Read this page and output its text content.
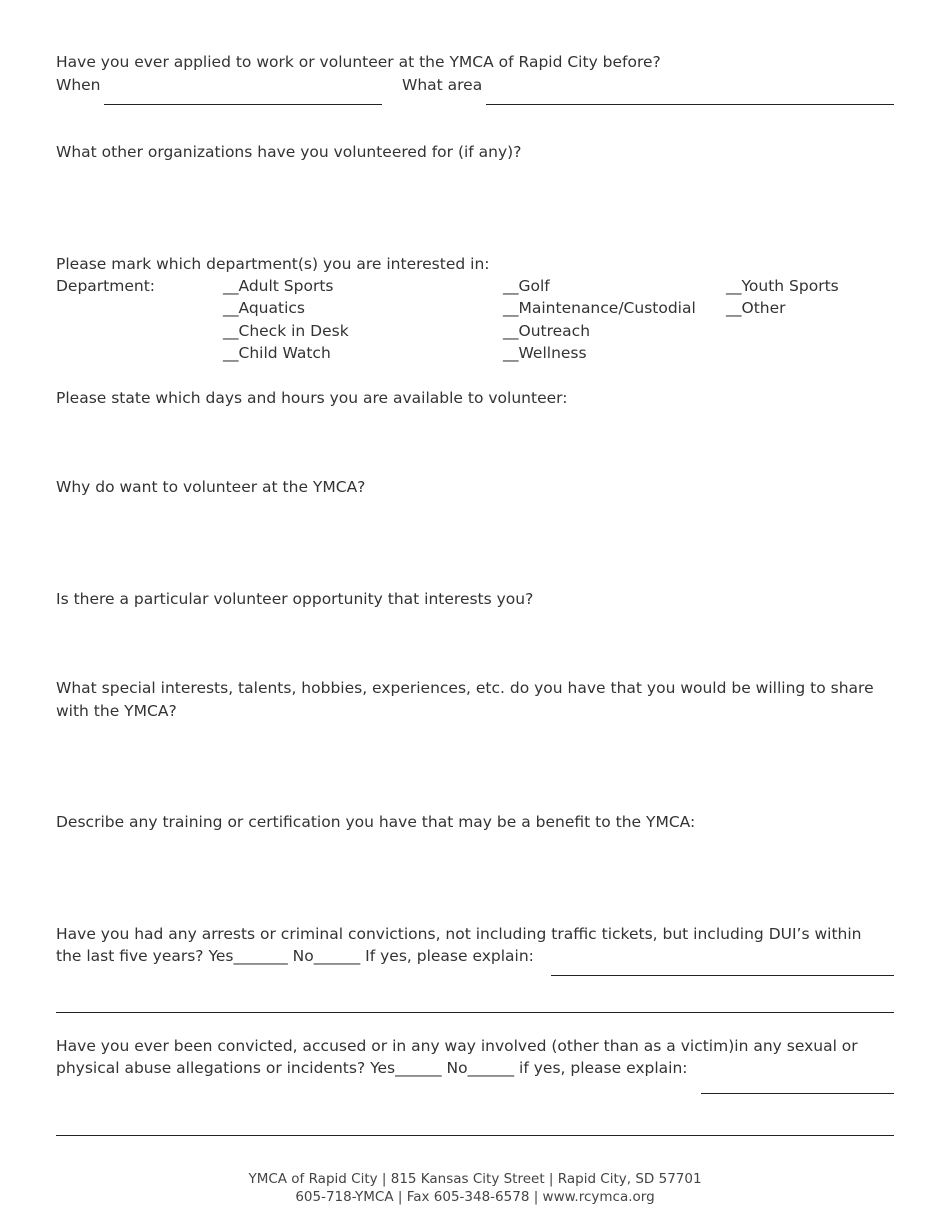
Have you ever applied to work or volunteer at the YMCA of Rapid City before?
When	What area
What other organizations have you volunteered for (if any)?
Please mark which department(s) you are interested in:
Department:	__Adult Sports
__Aquatics
__Check in Desk
__Child Watch
__Golf
__Maintenance/Custodial
__Outreach
__Wellness
__Youth Sports
__Other
Please state which days and hours you are available to volunteer:
Why do want to volunteer at the YMCA?
Is there a particular volunteer opportunity that interests you?
What special interests, talents, hobbies, experiences, etc. do you have that you would be willing to share
with the YMCA?
Describe any training or certification you have that may be a benefit to the YMCA:
Have you had any arrests or criminal convictions, not including traffic tickets, but including DUI’s within
the last five years? Yes_______ No______ If yes, please explain:
Have you ever been convicted, accused or in any way involved (other than as a victim)in any sexual or
physical abuse allegations or incidents? Yes______ No______ if yes, please explain:
YMCA of Rapid City | 815 Kansas City Street | Rapid City, SD 57701
605-718-YMCA | Fax 605-348-6578 | www.rcymca.org
